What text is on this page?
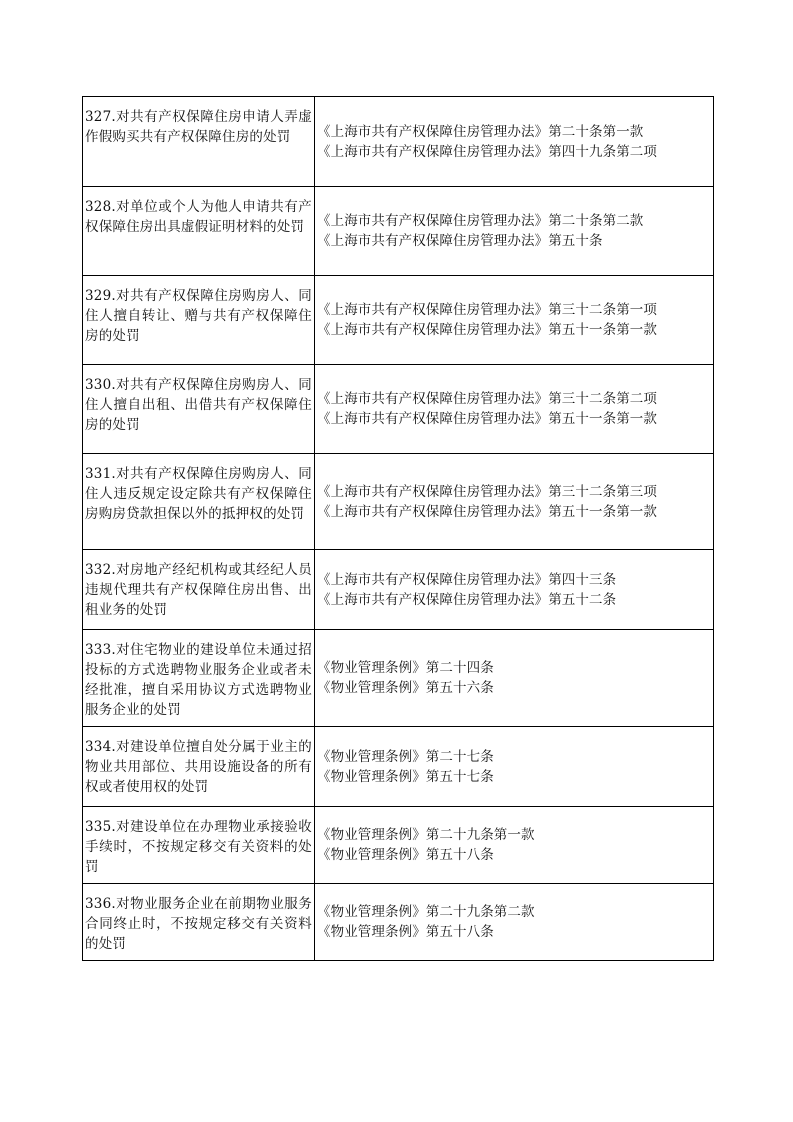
327.对共有产权保障住房申请人弄虚作假购买共有产权保障住房的处罚	《上海市共有产权保障住房管理办法》第二十条第一款
《上海市共有产权保障住房管理办法》第四十九条第二项

328.对单位或个人为他人申请共有产权保障住房出具虚假证明材料的处罚	《上海市共有产权保障住房管理办法》第二十条第二款
《上海市共有产权保障住房管理办法》第五十条

329.对共有产权保障住房购房人、同住人擅自转让、赠与共有产权保障住房的处罚	《上海市共有产权保障住房管理办法》第三十二条第一项
《上海市共有产权保障住房管理办法》第五十一条第一款

330.对共有产权保障住房购房人、同住人擅自出租、出借共有产权保障住房的处罚	《上海市共有产权保障住房管理办法》第三十二条第二项
《上海市共有产权保障住房管理办法》第五十一条第一款

331.对共有产权保障住房购房人、同住人违反规定设定除共有产权保障住房购房贷款担保以外的抵押权的处罚	《上海市共有产权保障住房管理办法》第三十二条第三项
《上海市共有产权保障住房管理办法》第五十一条第一款

332.对房地产经纪机构或其经纪人员违规代理共有产权保障住房出售、出租业务的处罚	《上海市共有产权保障住房管理办法》第四十三条
《上海市共有产权保障住房管理办法》第五十二条

333.对住宅物业的建设单位未通过招投标的方式选聘物业服务企业或者未经批准，擅自采用协议方式选聘物业服务企业的处罚	《物业管理条例》第二十四条
《物业管理条例》第五十六条

334.对建设单位擅自处分属于业主的物业共用部位、共用设施设备的所有权或者使用权的处罚	《物业管理条例》第二十七条
《物业管理条例》第五十七条

335.对建设单位在办理物业承接验收手续时，不按规定移交有关资料的处罚	《物业管理条例》第二十九条第一款
《物业管理条例》第五十八条

336.对物业服务企业在前期物业服务合同终止时，不按规定移交有关资料的处罚	《物业管理条例》第二十九条第二款
《物业管理条例》第五十八条
